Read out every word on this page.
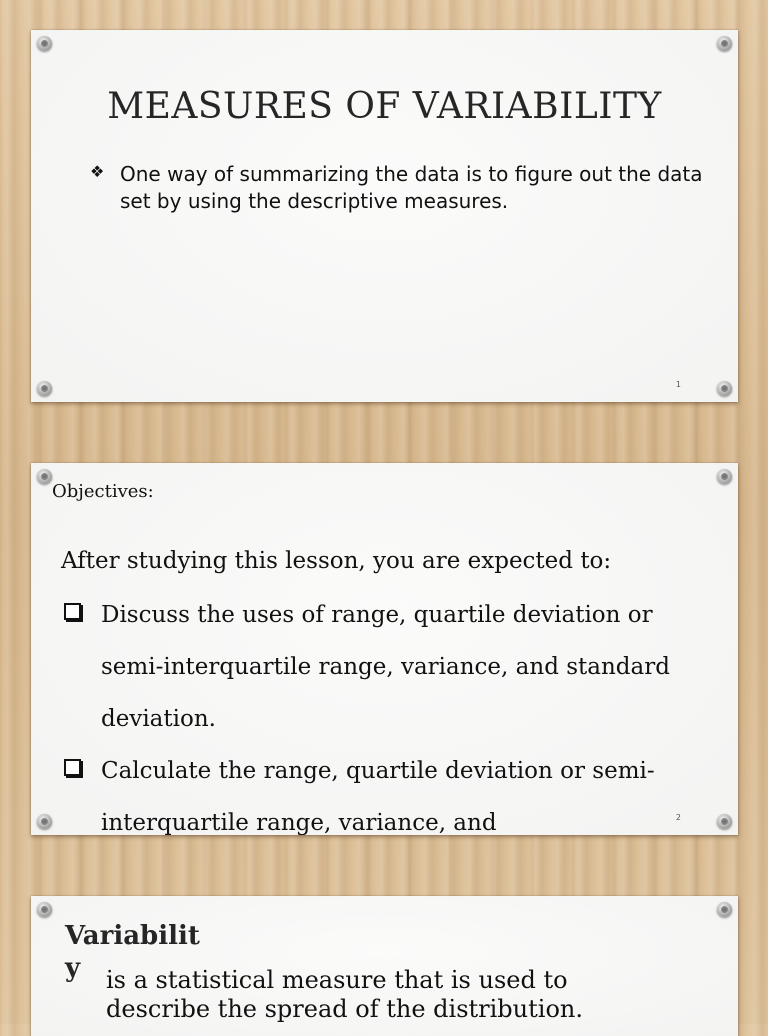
MEASURES OF VARIABILITY
❖ One way of summarizing the data is to figure out the data set by using the descriptive measures.
1
Objectives:
After studying this lesson, you are expected to:
Discuss the uses of range, quartile deviation or semi-interquartile range, variance, and standard deviation.
Calculate the range, quartile deviation or semi-interquartile range, variance, and	2
Variability	is a statistical measure that is used to describe the spread of the distribution.
